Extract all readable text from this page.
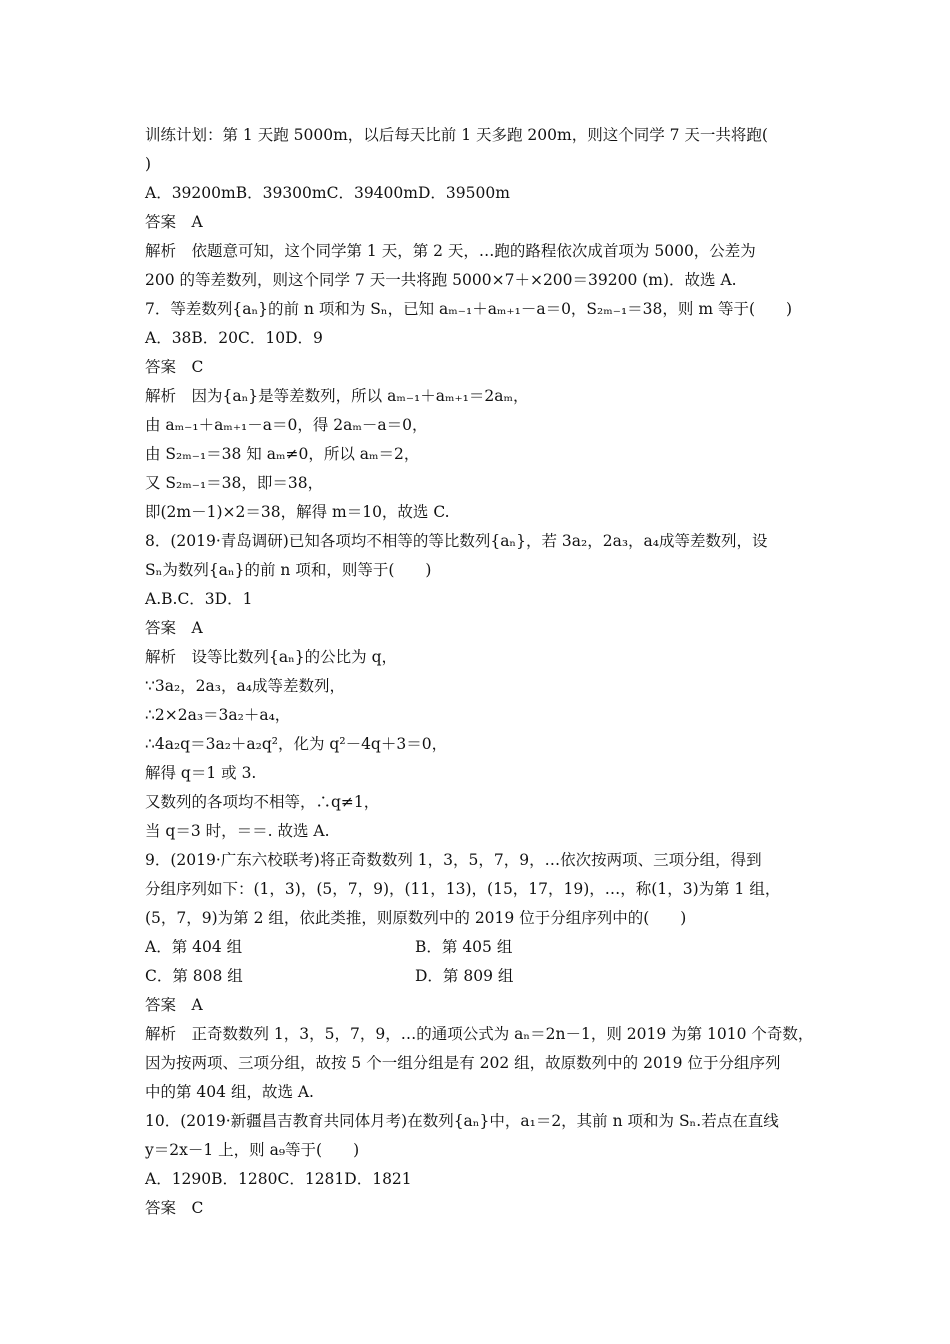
训练计划：第 1 天跑 5000m，以后每天比前 1 天多跑 200m，则这个同学 7 天一共将跑(
)
A．39200mB．39300mC．39400mD．39500m
答案　A
解析　依题意可知，这个同学第 1 天，第 2 天，…跑的路程依次成首项为 5000，公差为
200 的等差数列，则这个同学 7 天一共将跑 5000×7＋×200＝39200 (m)．故选 A.
7．等差数列{aₙ}的前 n 项和为 Sₙ，已知 aₘ₋₁＋aₘ₊₁－a＝0，S₂ₘ₋₁＝38，则 m 等于(　　)
A．38B．20C．10D．9
答案　C
解析　因为{aₙ}是等差数列，所以 aₘ₋₁＋aₘ₊₁＝2aₘ，
由 aₘ₋₁＋aₘ₊₁－a＝0，得 2aₘ－a＝0，
由 S₂ₘ₋₁＝38 知 aₘ≠0，所以 aₘ＝2，
又 S₂ₘ₋₁＝38，即＝38，
即(2m－1)×2＝38，解得 m＝10，故选 C.
8．(2019·青岛调研)已知各项均不相等的等比数列{aₙ}，若 3a₂，2a₃，a₄成等差数列，设
Sₙ为数列{aₙ}的前 n 项和，则等于(　　)
A.B.C．3D．1
答案　A
解析　设等比数列{aₙ}的公比为 q，
∵3a₂，2a₃，a₄成等差数列，
∴2×2a₃＝3a₂＋a₄，
∴4a₂q＝3a₂＋a₂q²，化为 q²－4q＋3＝0，
解得 q＝1 或 3.
又数列的各项均不相等，∴q≠1，
当 q＝3 时，＝＝. 故选 A.
9．(2019·广东六校联考)将正奇数数列 1，3，5，7，9，…依次按两项、三项分组，得到
分组序列如下：(1，3)，(5，7，9)，(11，13)，(15，17，19)，…，称(1，3)为第 1 组，
(5，7，9)为第 2 组，依此类推，则原数列中的 2019 位于分组序列中的(　　)
A．第 404 组	B．第 405 组
C．第 808 组	D．第 809 组
答案　A
解析　正奇数数列 1，3，5，7，9，…的通项公式为 aₙ＝2n－1，则 2019 为第 1010 个奇数，
因为按两项、三项分组，故按 5 个一组分组是有 202 组，故原数列中的 2019 位于分组序列
中的第 404 组，故选 A.
10．(2019·新疆昌吉教育共同体月考)在数列{aₙ}中，a₁＝2，其前 n 项和为 Sₙ.若点在直线
y＝2x－1 上，则 a₉等于(　　)
A．1290B．1280C．1281D．1821
答案　C
